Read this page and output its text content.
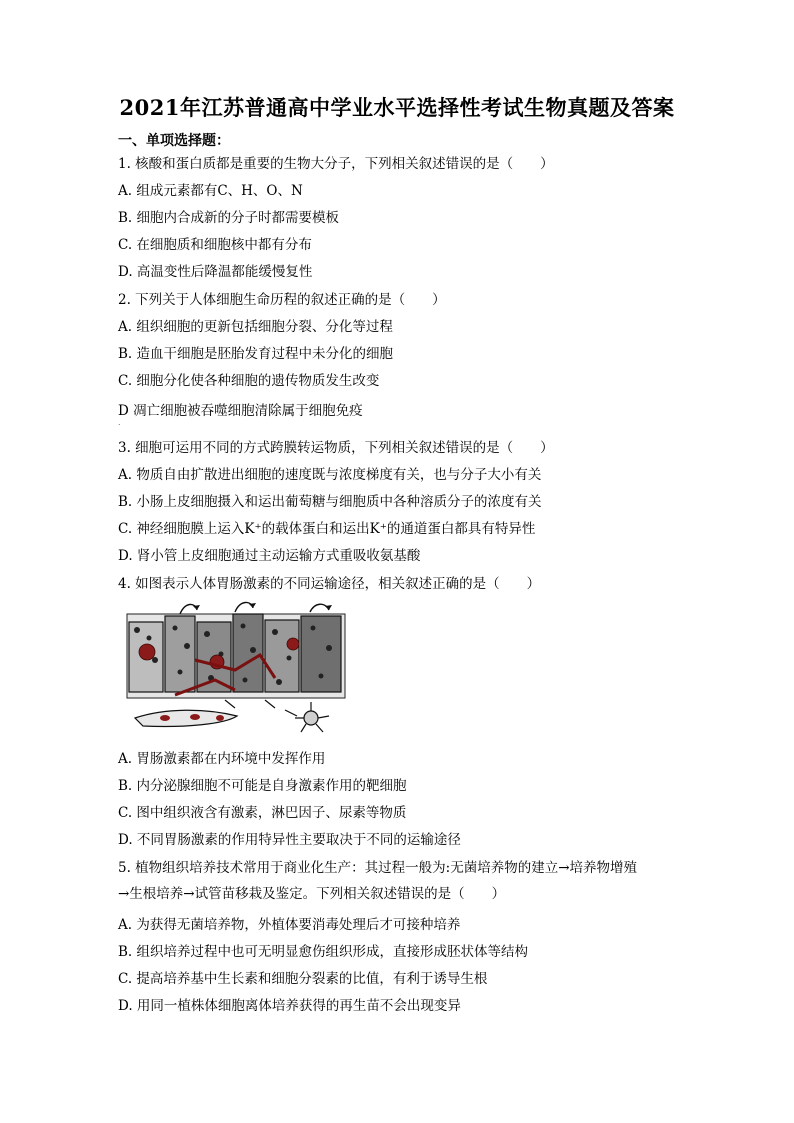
2021年江苏普通高中学业水平选择性考试生物真题及答案
一、单项选择题：
1. 核酸和蛋白质都是重要的生物大分子，下列相关叙述错误的是（　　）
A. 组成元素都有C、H、O、N
B. 细胞内合成新的分子时都需要模板
C. 在细胞质和细胞核中都有分布
D. 高温变性后降温都能缓慢复性
2. 下列关于人体细胞生命历程的叙述正确的是（　　）
A. 组织细胞的更新包括细胞分裂、分化等过程
B. 造血干细胞是胚胎发育过程中未分化的细胞
C. 细胞分化使各种细胞的遗传物质发生改变
D 凋亡细胞被吞噬细胞清除属于细胞免疫
.
3. 细胞可运用不同的方式跨膜转运物质，下列相关叙述错误的是（　　）
A. 物质自由扩散进出细胞的速度既与浓度梯度有关，也与分子大小有关
B. 小肠上皮细胞摄入和运出葡萄糖与细胞质中各种溶质分子的浓度有关
C. 神经细胞膜上运入K⁺的载体蛋白和运出K⁺的通道蛋白都具有特异性
D. 肾小管上皮细胞通过主动运输方式重吸收氨基酸
4. 如图表示人体胃肠激素的不同运输途径，相关叙述正确的是（　　）
A. 胃肠激素都在内环境中发挥作用
B. 内分泌腺细胞不可能是自身激素作用的靶细胞
C. 图中组织液含有激素，淋巴因子、尿素等物质
D. 不同胃肠激素的作用特异性主要取决于不同的运输途径
5. 植物组织培养技术常用于商业化生产：其过程一般为:无菌培养物的建立→培养物增殖
→生根培养→试管苗移栽及鉴定。下列相关叙述错误的是（　　）
A. 为获得无菌培养物，外植体要消毒处理后才可接种培养
B. 组织培养过程中也可无明显愈伤组织形成，直接形成胚状体等结构
C. 提高培养基中生长素和细胞分裂素的比值，有利于诱导生根
D. 用同一植株体细胞离体培养获得的再生苗不会出现变异
